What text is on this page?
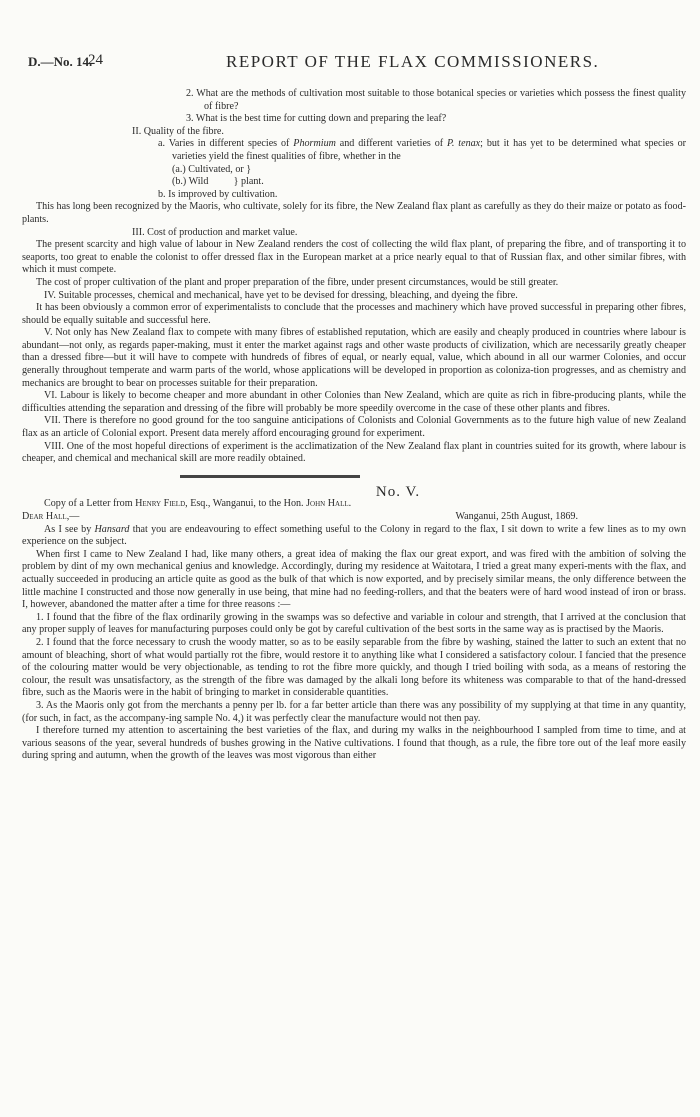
D.—No. 14.
24	REPORT OF THE FLAX COMMISSIONERS.

2. What are the methods of cultivation most suitable to those botanical species or varieties which possess the finest quality of fibre?

3. What is the best time for cutting down and preparing the leaf?

II. Quality of the fibre.

a. Varies in different species of Phormium and different varieties of P. tenax; but it has yet to be determined what species or varieties yield the finest qualities of fibre, whether in the

(a.) Cultivated, or }

(b.) Wild          } plant.

b. Is improved by cultivation.

This has long been recognized by the Maoris, who cultivate, solely for its fibre, the New Zealand flax plant as carefully as they do their maize or potato as food-plants.

III. Cost of production and market value.

The present scarcity and high value of labour in New Zealand renders the cost of collecting the wild flax plant, of preparing the fibre, and of transporting it to seaports, too great to enable the colonist to offer dressed flax in the European market at a price nearly equal to that of Russian flax, and other similar fibres, with which it must compete.

The cost of proper cultivation of the plant and proper preparation of the fibre, under present circumstances, would be still greater.

IV. Suitable processes, chemical and mechanical, have yet to be devised for dressing, bleaching, and dyeing the fibre.

It has been obviously a common error of experimentalists to conclude that the processes and machinery which have proved successful in preparing other fibres, should be equally suitable and successful here.

V. Not only has New Zealand flax to compete with many fibres of established reputation, which are easily and cheaply produced in countries where labour is abundant—not only, as regards paper-making, must it enter the market against rags and other waste products of civilization, which are necessarily greatly cheaper than a dressed fibre—but it will have to compete with hundreds of fibres of equal, or nearly equal, value, which abound in all our warmer Colonies, and occur generally throughout temperate and warm parts of the world, whose applications will be developed in proportion as coloniza-tion progresses, and as chemistry and mechanics are brought to bear on processes suitable for their preparation.

VI. Labour is likely to become cheaper and more abundant in other Colonies than New Zealand, which are quite as rich in fibre-producing plants, while the difficulties attending the separation and dressing of the fibre will probably be more speedily overcome in the case of these other plants and fibres.

VII. There is therefore no good ground for the too sanguine anticipations of Colonists and Colonial Governments as to the future high value of new Zealand flax as an article of Colonial export. Present data merely afford encouraging ground for experiment.

VIII. One of the most hopeful directions of experiment is the acclimatization of the New Zealand flax plant in countries suited for its growth, where labour is cheaper, and chemical and mechanical skill are more readily obtained.

No. V.

Copy of a Letter from Henry Field, Esq., Wanganui, to the Hon. John Hall.

Dear Hall,—	Wanganui, 25th August, 1869.

As I see by Hansard that you are endeavouring to effect something useful to the Colony in regard to the flax, I sit down to write a few lines as to my own experience on the subject.

When first I came to New Zealand I had, like many others, a great idea of making the flax our great export, and was fired with the ambition of solving the problem by dint of my own mechanical genius and knowledge. Accordingly, during my residence at Waitotara, I tried a great many experi-ments with the flax, and actually succeeded in producing an article quite as good as the bulk of that which is now exported, and by precisely similar means, the only difference between the little machine I constructed and those now generally in use being, that mine had no feeding-rollers, and that the beaters were of hard wood instead of iron or brass. I, however, abandoned the matter after a time for three reasons :—

1. I found that the fibre of the flax ordinarily growing in the swamps was so defective and variable in colour and strength, that I arrived at the conclusion that any proper supply of leaves for manufacturing purposes could only be got by careful cultivation of the best sorts in the same way as is practised by the Maoris.

2. I found that the force necessary to crush the woody matter, so as to be easily separable from the fibre by washing, stained the latter to such an extent that no amount of bleaching, short of what would partially rot the fibre, would restore it to anything like what I considered a satisfactory colour. I fancied that the presence of the colouring matter would be very objectionable, as tending to rot the fibre more quickly, and though I tried boiling with soda, as a means of restoring the colour, the result was unsatisfactory, as the strength of the fibre was damaged by the alkali long before its whiteness was comparable to that of the hand-dressed fibre, such as the Maoris were in the habit of bringing to market in considerable quantities.

3. As the Maoris only got from the merchants a penny per lb. for a far better article than there was any possibility of my supplying at that time in any quantity, (for such, in fact, as the accompany-ing sample No. 4,) it was perfectly clear the manufacture would not then pay.

I therefore turned my attention to ascertaining the best varieties of the flax, and during my walks in the neighbourhood I sampled from time to time, and at various seasons of the year, several hundreds of bushes growing in the Native cultivations. I found that though, as a rule, the fibre tore out of the leaf more easily during spring and autumn, when the growth of the leaves was most vigorous than either
